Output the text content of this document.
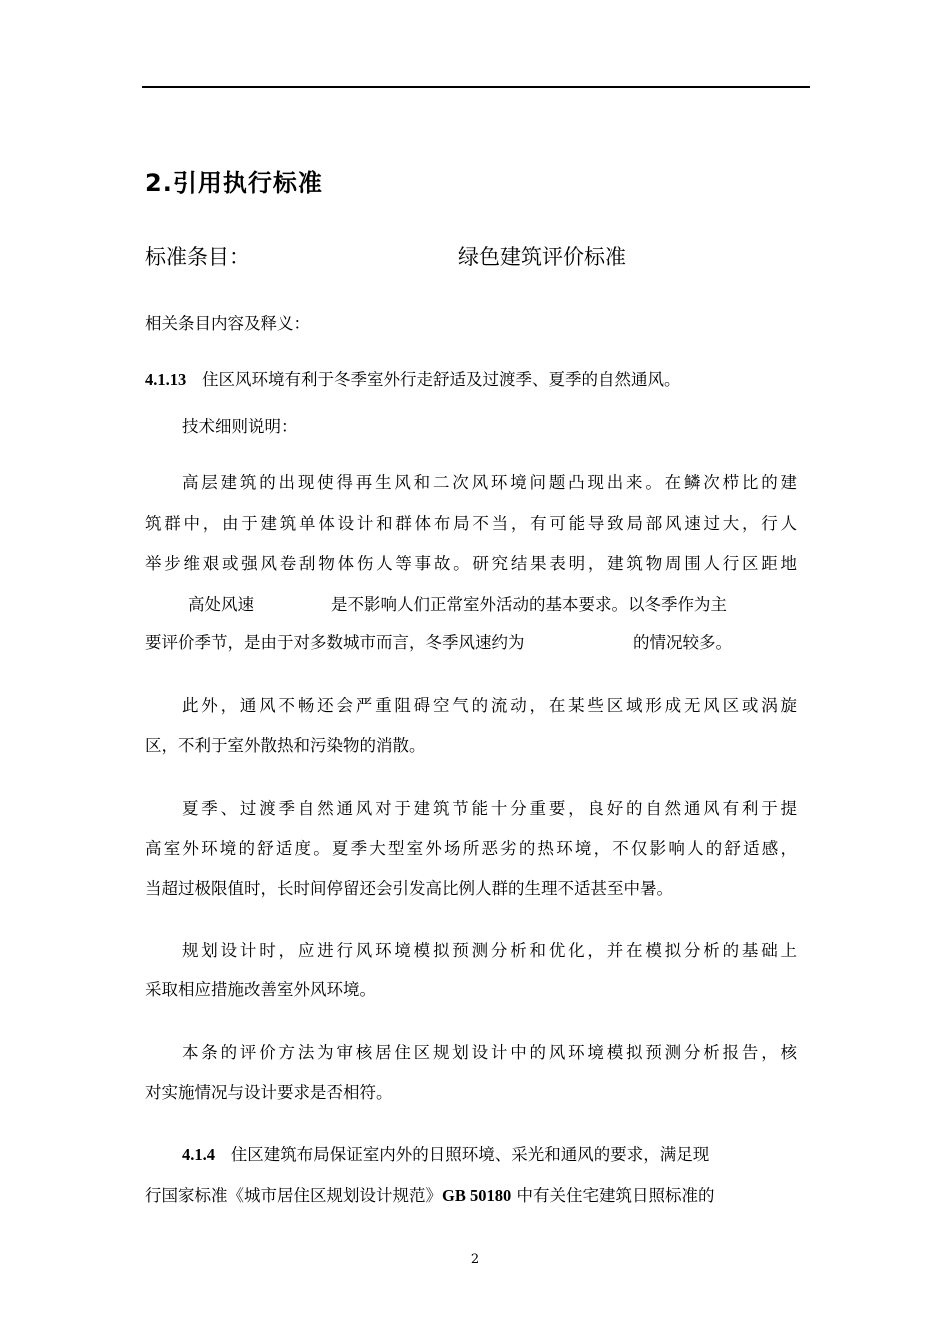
2.引用执行标准
标准条目：	绿色建筑评价标准
相关条目内容及释义：
4.1.13 住区风环境有利于冬季室外行走舒适及过渡季、夏季的自然通风。
技术细则说明：
高层建筑的出现使得再生风和二次风环境问题凸现出来。在鳞次栉比的建
筑群中，由于建筑单体设计和群体布局不当，有可能导致局部风速过大，行人
举步维艰或强风卷刮物体伤人等事故。研究结果表明，建筑物周围人行区距地
高处风速	是不影响人们正常室外活动的基本要求。以冬季作为主
要评价季节，是由于对多数城市而言，冬季风速约为	的情况较多。
此外，通风不畅还会严重阻碍空气的流动，在某些区域形成无风区或涡旋
区，不利于室外散热和污染物的消散。
夏季、过渡季自然通风对于建筑节能十分重要，良好的自然通风有利于提
高室外环境的舒适度。夏季大型室外场所恶劣的热环境，不仅影响人的舒适感，
当超过极限值时，长时间停留还会引发高比例人群的生理不适甚至中暑。
规划设计时，应进行风环境模拟预测分析和优化，并在模拟分析的基础上
采取相应措施改善室外风环境。
本条的评价方法为审核居住区规划设计中的风环境模拟预测分析报告，核
对实施情况与设计要求是否相符。
4.1.4 住区建筑布局保证室内外的日照环境、采光和通风的要求，满足现
行国家标准《城市居住区规划设计规范》GB 50180 中有关住宅建筑日照标准的
2
